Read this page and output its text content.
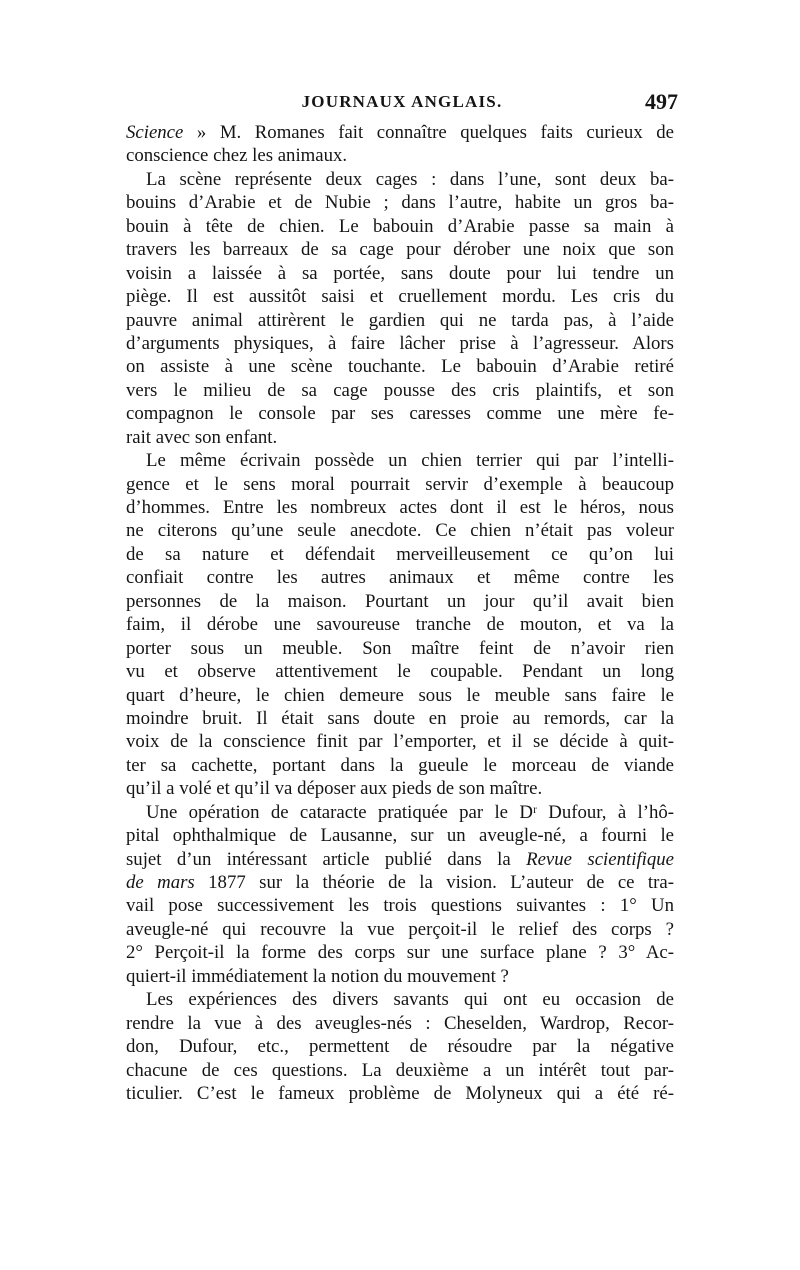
JOURNAUX ANGLAIS.	497
Science » M. Romanes fait connaître quelques faits curieux de
conscience chez les animaux.
La scène représente deux cages : dans l’une, sont deux ba-
bouins d’Arabie et de Nubie ; dans l’autre, habite un gros ba-
bouin à tête de chien. Le babouin d’Arabie passe sa main à
travers les barreaux de sa cage pour dérober une noix que son
voisin a laissée à sa portée, sans doute pour lui tendre un
piège. Il est aussitôt saisi et cruellement mordu. Les cris du
pauvre animal attirèrent le gardien qui ne tarda pas, à l’aide
d’arguments physiques, à faire lâcher prise à l’agresseur. Alors
on assiste à une scène touchante. Le babouin d’Arabie retiré
vers le milieu de sa cage pousse des cris plaintifs, et son
compagnon le console par ses caresses comme une mère fe-
rait avec son enfant.
Le même écrivain possède un chien terrier qui par l’intelli-
gence et le sens moral pourrait servir d’exemple à beaucoup
d’hommes. Entre les nombreux actes dont il est le héros, nous
ne citerons qu’une seule anecdote. Ce chien n’était pas voleur
de sa nature et défendait merveilleusement ce qu’on lui
confiait contre les autres animaux et même contre les
personnes de la maison. Pourtant un jour qu’il avait bien
faim, il dérobe une savoureuse tranche de mouton, et va la
porter sous un meuble. Son maître feint de n’avoir rien
vu et observe attentivement le coupable. Pendant un long
quart d’heure, le chien demeure sous le meuble sans faire le
moindre bruit. Il était sans doute en proie au remords, car la
voix de la conscience finit par l’emporter, et il se décide à quit-
ter sa cachette, portant dans la gueule le morceau de viande
qu’il a volé et qu’il va déposer aux pieds de son maître.
Une opération de cataracte pratiquée par le Dʳ Dufour, à l’hô-
pital ophthalmique de Lausanne, sur un aveugle-né, a fourni le
sujet d’un intéressant article publié dans la Revue scientifique
de mars 1877 sur la théorie de la vision. L’auteur de ce tra-
vail pose successivement les trois questions suivantes : 1° Un
aveugle-né qui recouvre la vue perçoit-il le relief des corps ?
2° Perçoit-il la forme des corps sur une surface plane ? 3° Ac-
quiert-il immédiatement la notion du mouvement ?
Les expériences des divers savants qui ont eu occasion de
rendre la vue à des aveugles-nés : Cheselden, Wardrop, Recor-
don, Dufour, etc., permettent de résoudre par la négative
chacune de ces questions. La deuxième a un intérêt tout par-
ticulier. C’est le fameux problème de Molyneux qui a été ré-
